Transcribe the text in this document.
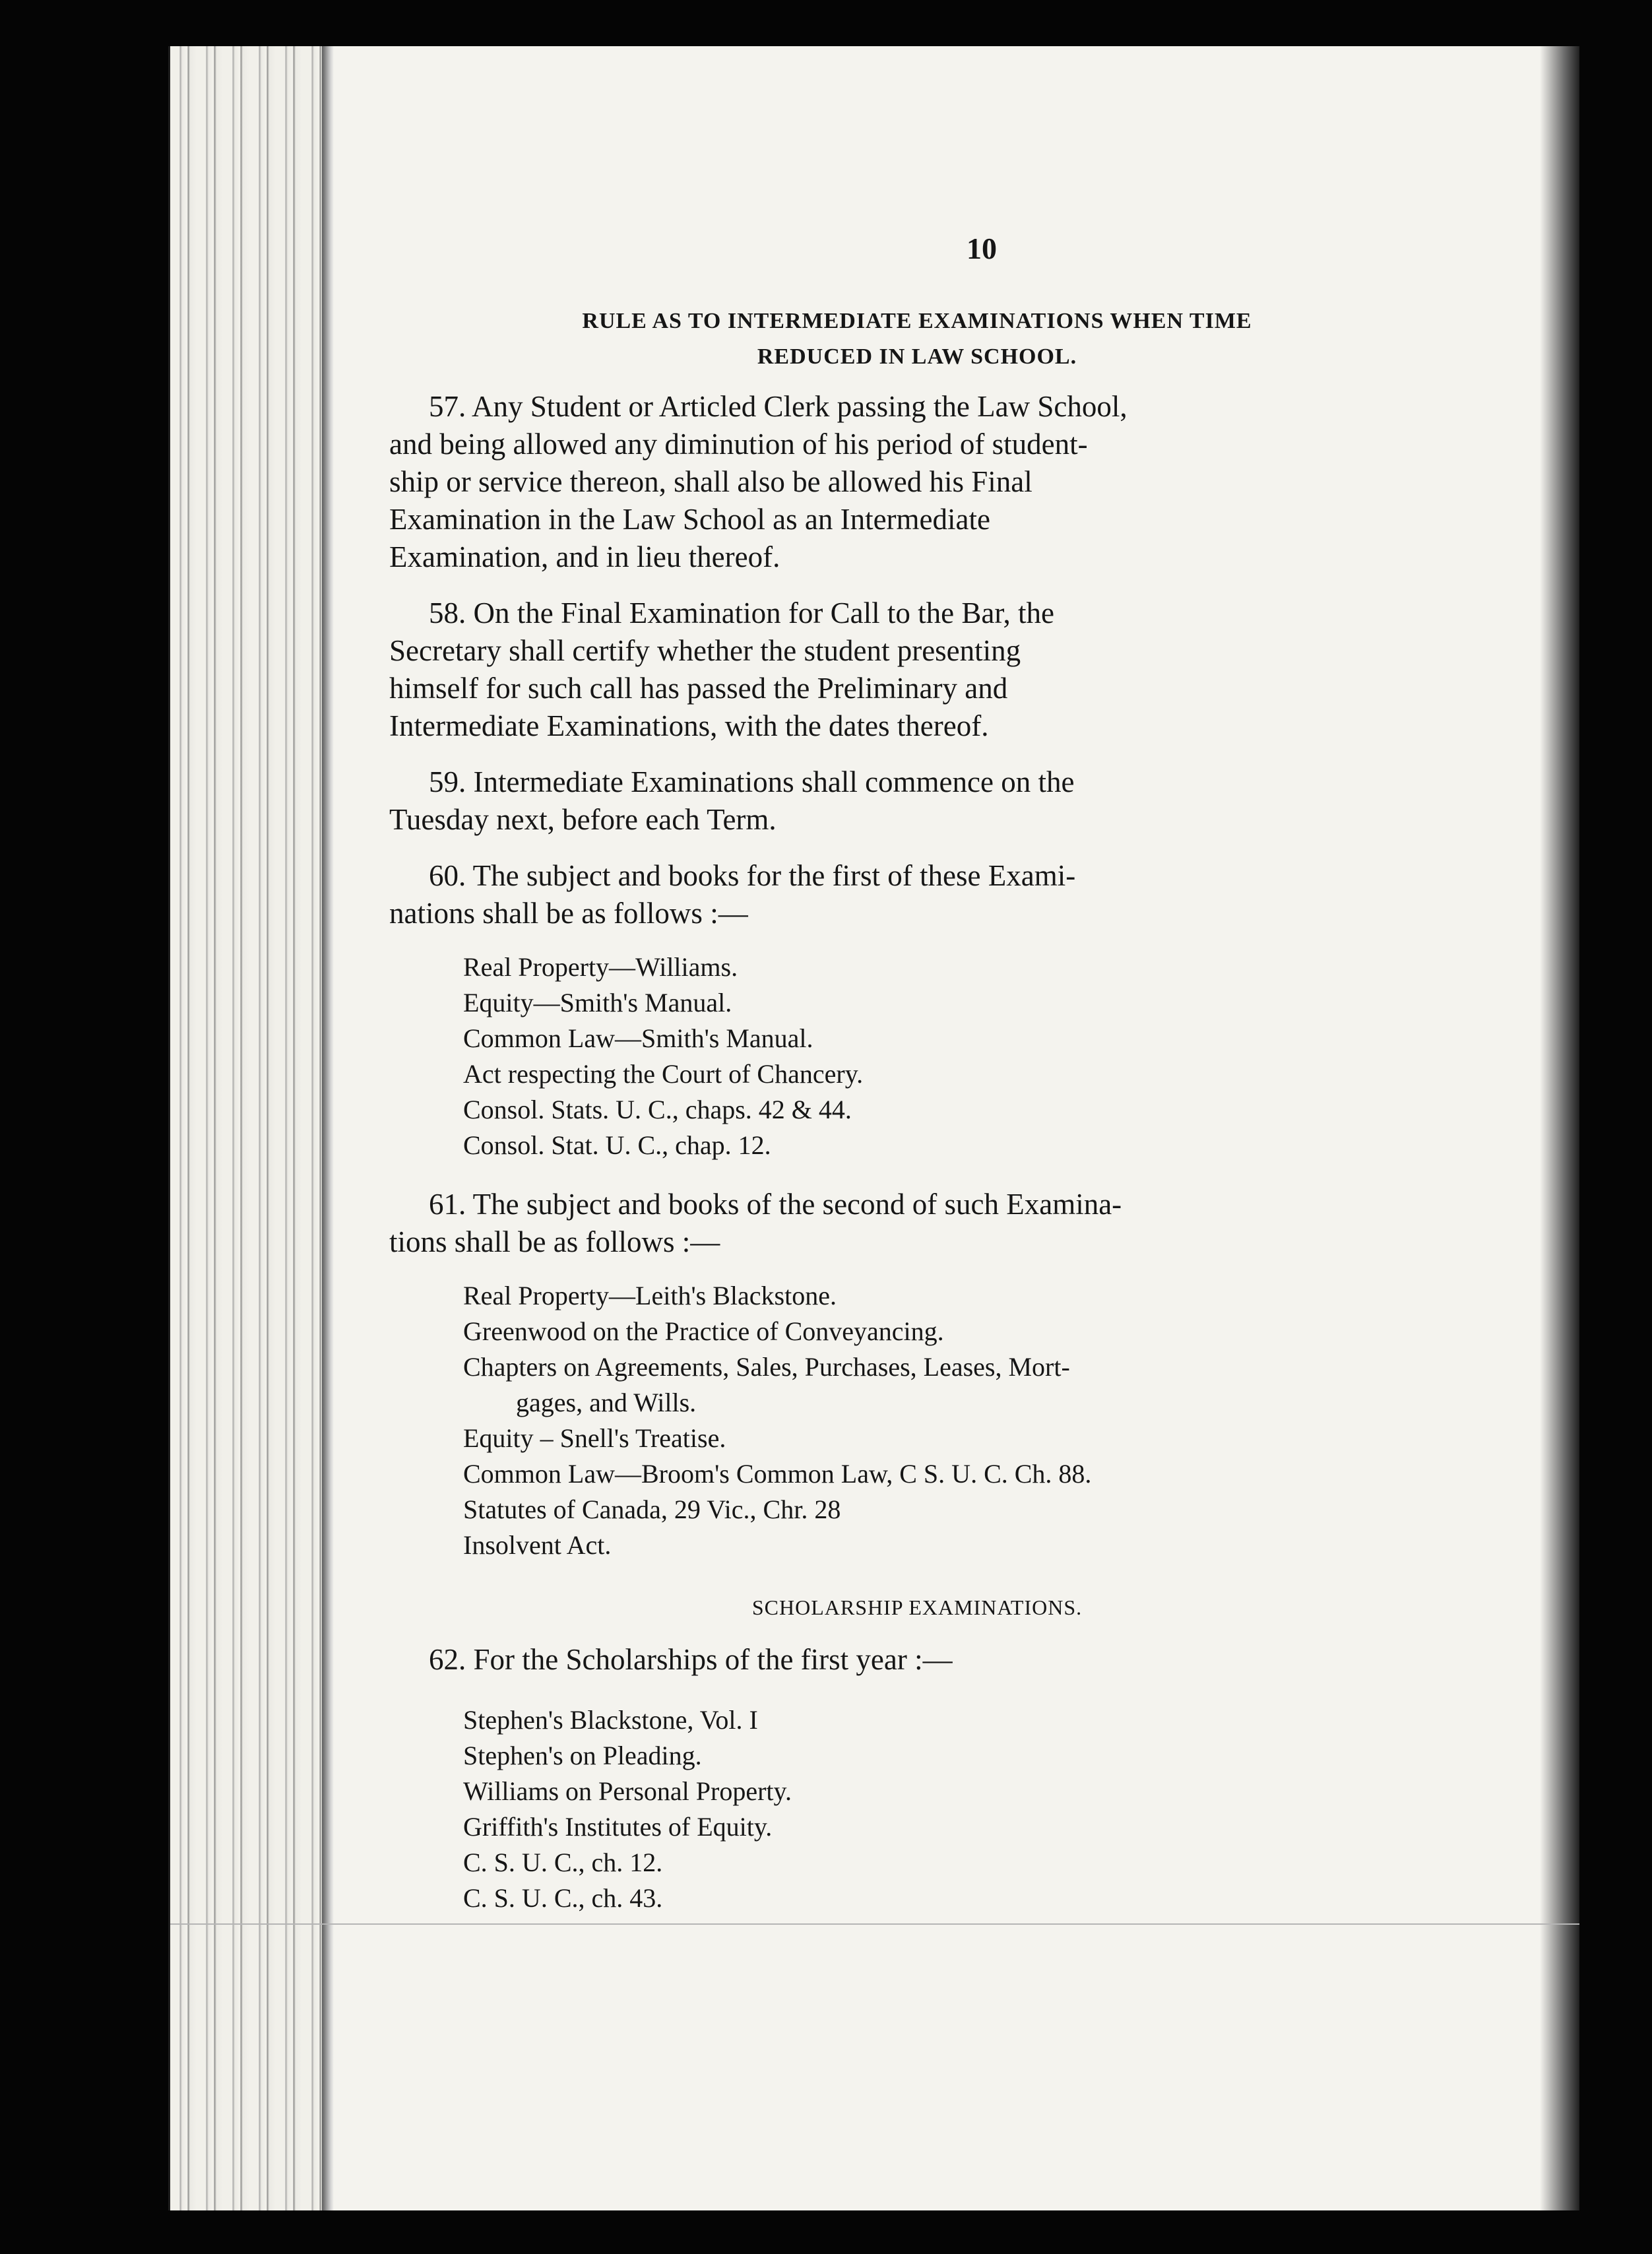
10
RULE AS TO INTERMEDIATE EXAMINATIONS WHEN TIME
REDUCED IN LAW SCHOOL.

57. Any Student or Articled Clerk passing the Law School,
and being allowed any diminution of his period of student-
ship or service thereon, shall also be allowed his Final
Examination in the Law School as an Intermediate
Examination, and in lieu thereof.

58. On the Final Examination for Call to the Bar, the
Secretary shall certify whether the student presenting
himself for such call has passed the Preliminary and
Intermediate Examinations, with the dates thereof.

59. Intermediate Examinations shall commence on the
Tuesday next, before each Term.

60. The subject and books for the first of these Exami-
nations shall be as follows :—

Real Property—Williams.
Equity—Smith's Manual.
Common Law—Smith's Manual.
Act respecting the Court of Chancery.
Consol. Stats. U. C., chaps. 42 & 44.
Consol. Stat. U. C., chap. 12.

61. The subject and books of the second of such Examina-
tions shall be as follows :—

Real Property—Leith's Blackstone.
Greenwood on the Practice of Conveyancing.
Chapters on Agreements, Sales, Purchases, Leases, Mort-
gages, and Wills.
Equity – Snell's Treatise.
Common Law—Broom's Common Law, C S. U. C. Ch. 88.
Statutes of Canada, 29 Vic., Chr. 28
Insolvent Act.
SCHOLARSHIP EXAMINATIONS.

62. For the Scholarships of the first year :—

Stephen's Blackstone, Vol. I
Stephen's on Pleading.
Williams on Personal Property.
Griffith's Institutes of Equity.
C. S. U. C., ch. 12.
C. S. U. C., ch. 43.
